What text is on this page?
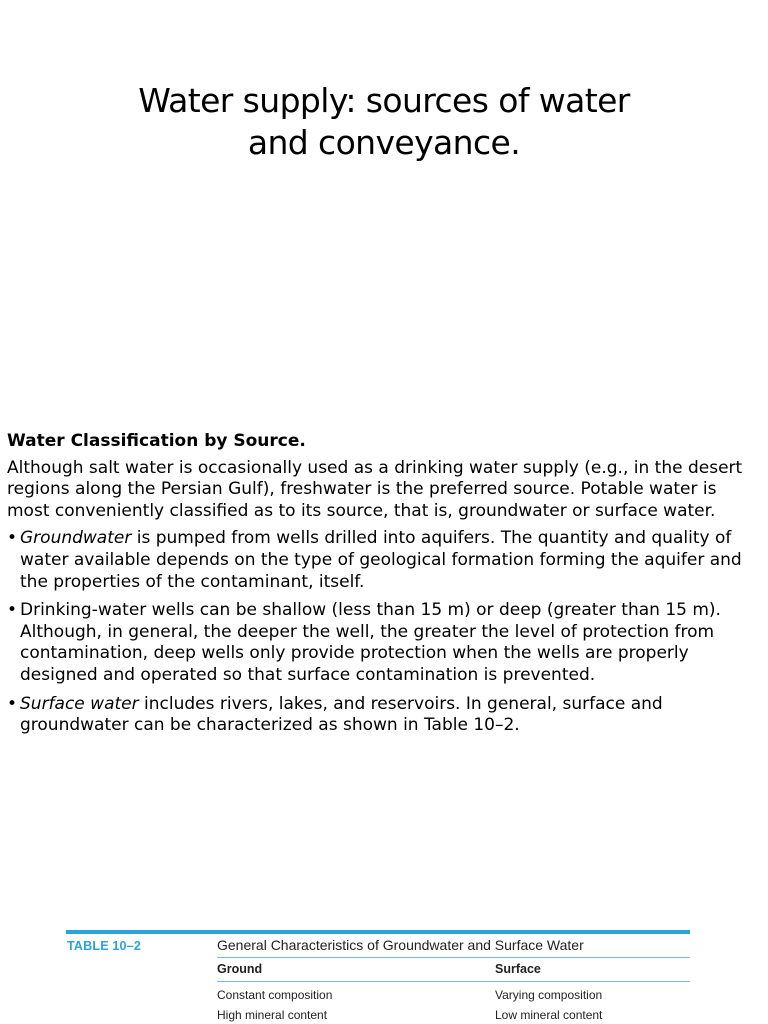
Water supply: sources of water
and conveyance.
Water Classification by Source.
Although salt water is occasionally used as a drinking water supply (e.g., in the desert regions along the Persian Gulf), freshwater is the preferred source. Potable water is most conveniently classified as to its source, that is, groundwater or surface water.
• Groundwater is pumped from wells drilled into aquifers. The quantity and quality of water available depends on the type of geological formation forming the aquifer and the properties of the contaminant, itself.
• Drinking-water wells can be shallow (less than 15 m) or deep (greater than 15 m). Although, in general, the deeper the well, the greater the level of protection from contamination, deep wells only provide protection when the wells are properly designed and operated so that surface contamination is prevented.
• Surface water includes rivers, lakes, and reservoirs. In general, surface and groundwater can be characterized as shown in Table 10–2.
TABLE 10–2	General Characteristics of Groundwater and Surface Water
Ground	Surface
Constant composition	Varying composition
High mineral content	Low mineral content
